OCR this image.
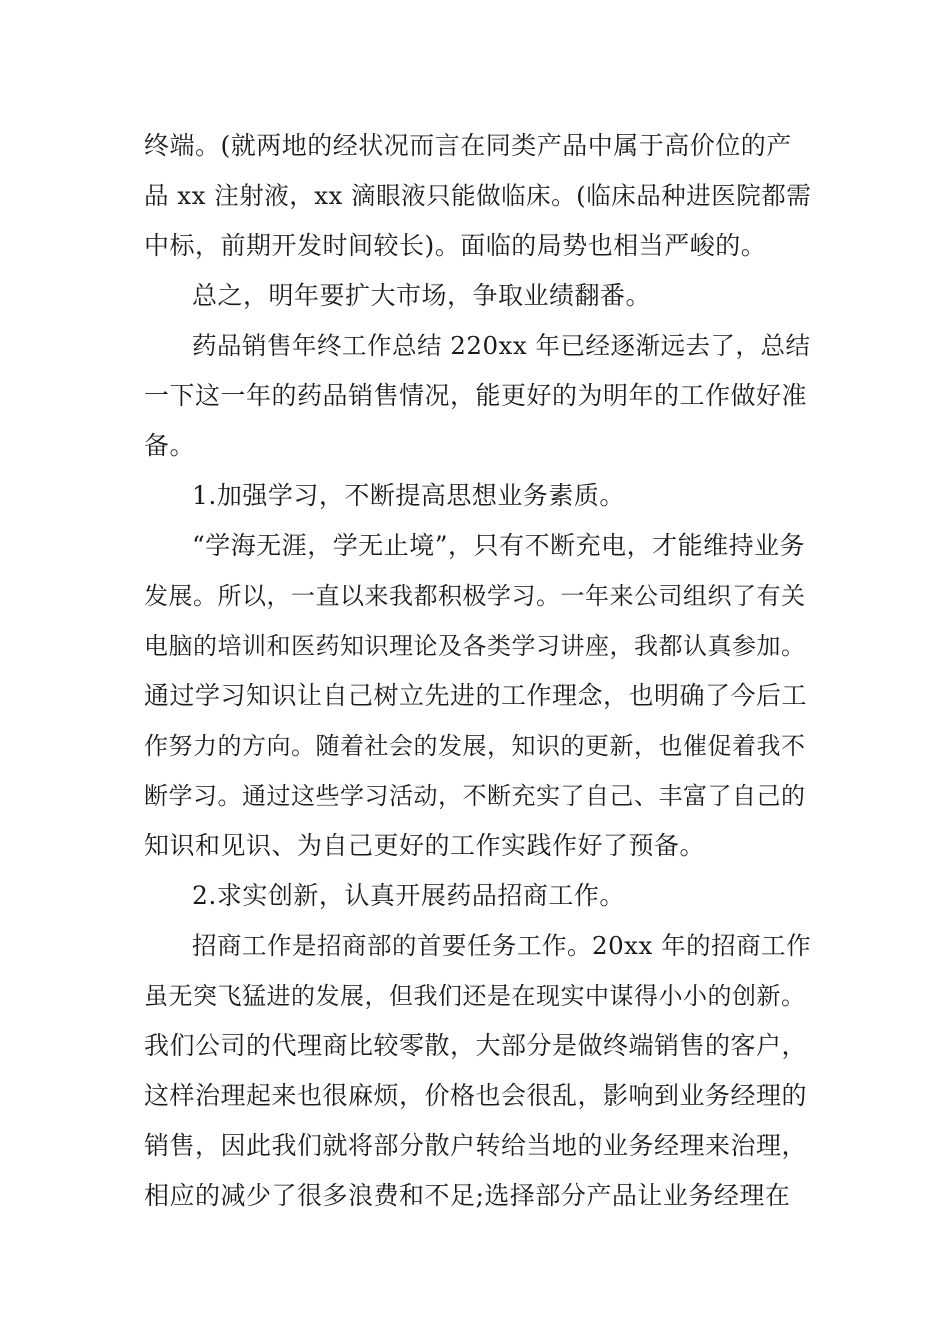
终端。(就两地的经状况而言在同类产品中属于高价位的产
品 xx 注射液，xx 滴眼液只能做临床。(临床品种进医院都需
中标，前期开发时间较长)。面临的局势也相当严峻的。
总之，明年要扩大市场，争取业绩翻番。
药品销售年终工作总结 220xx 年已经逐渐远去了，总结
一下这一年的药品销售情况，能更好的为明年的工作做好准
备。
1.加强学习，不断提高思想业务素质。
“学海无涯，学无止境”，只有不断充电，才能维持业务
发展。所以，一直以来我都积极学习。一年来公司组织了有关
电脑的培训和医药知识理论及各类学习讲座，我都认真参加。
通过学习知识让自己树立先进的工作理念，也明确了今后工
作努力的方向。随着社会的发展，知识的更新，也催促着我不
断学习。通过这些学习活动，不断充实了自己、丰富了自己的
知识和见识、为自己更好的工作实践作好了预备。
2.求实创新，认真开展药品招商工作。
招商工作是招商部的首要任务工作。20xx 年的招商工作
虽无突飞猛进的发展，但我们还是在现实中谋得小小的创新。
我们公司的代理商比较零散，大部分是做终端销售的客户，
这样治理起来也很麻烦，价格也会很乱，影响到业务经理的
销售，因此我们就将部分散户转给当地的业务经理来治理，
相应的减少了很多浪费和不足;选择部分产品让业务经理在
